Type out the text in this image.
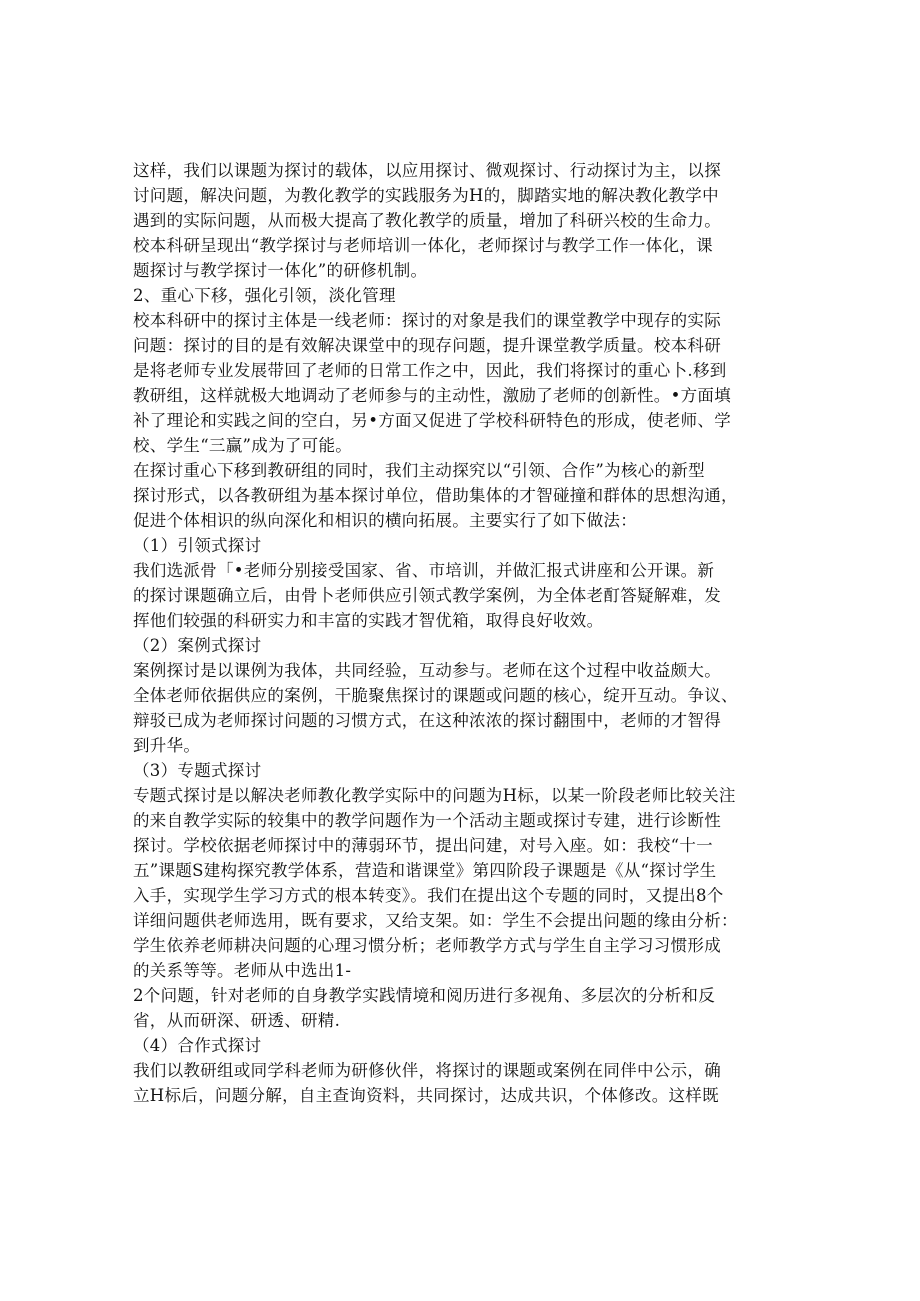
这样，我们以课题为探讨的载体，以应用探讨、微观探讨、行动探讨为主，以探
讨问题，解决问题，为教化教学的实践服务为H的，脚踏实地的解决教化教学中
遇到的实际问题，从而极大提高了教化教学的质量，增加了科研兴校的生命力。
校本科研呈现出“教学探讨与老师培训一体化，老师探讨与教学工作一体化，课
题探讨与教学探讨一体化”的研修机制。
2、重心下移，强化引领，淡化管理
校本科研中的探讨主体是一线老师：探讨的对象是我们的课堂教学中现存的实际
问题：探讨的目的是有效解决课堂中的现存问题，提升课堂教学质量。校本科研
是将老师专业发展带回了老师的日常工作之中，因此，我们将探讨的重心卜.移到
教研组，这样就极大地调动了老师参与的主动性，激励了老师的创新性。•方面填
补了理论和实践之间的空白，另•方面又促进了学校科研特色的形成，使老师、学
校、学生“三赢”成为了可能。
在探讨重心下移到教研组的同时，我们主动探究以“引领、合作”为核心的新型
探讨形式，以各教研组为基本探讨单位，借助集体的才智碰撞和群体的思想沟通，
促进个体相识的纵向深化和相识的横向拓展。主要实行了如下做法：
（1）引领式探讨
我们选派骨「•老师分别接受国家、省、市培训，并做汇报式讲座和公开课。新
的探讨课题确立后，由骨卜老师供应引领式教学案例，为全体老酊答疑解难，发
挥他们较强的科研实力和丰富的实践才智优箱，取得良好收效。
（2）案例式探讨
案例探讨是以课例为我体，共同经验，互动参与。老师在这个过程中收益颇大。
全体老师依据供应的案例，干脆聚焦探讨的课题或问题的核心，绽开互动。争议、
辩驳已成为老师探讨问题的习惯方式，在这种浓浓的探讨翻围中，老师的才智得
到升华。
（3）专题式探讨
专题式探讨是以解决老师教化教学实际中的问题为H标，以某一阶段老师比较关注
的来自教学实际的较集中的教学问题作为一个活动主题或探讨专建，进行诊断性
探讨。学校依据老师探讨中的薄弱环节，提出问建，对号入座。如：我校“十一
五”课题S建构探究教学体系，营造和谐课堂》第四阶段子课题是《从“探讨学生
入手，实现学生学习方式的根本转变》。我们在提出这个专题的同时，又提出8个
详细问题供老师选用，既有要求，又给支架。如：学生不会提出问题的缘由分析：
学生依养老师耕决问题的心理习惯分析；老师教学方式与学生自主学习习惯形成
的关系等等。老师从中选出1-
2个问题，针对老师的自身教学实践情境和阅历进行多视角、多层次的分析和反
省，从而研深、研透、研精.
（4）合作式探讨
我们以教研组或同学科老师为研修伙伴，将探讨的课题或案例在同伴中公示，确
立H标后，问题分解，自主查询资料，共同探讨，达成共识，个体修改。这样既
